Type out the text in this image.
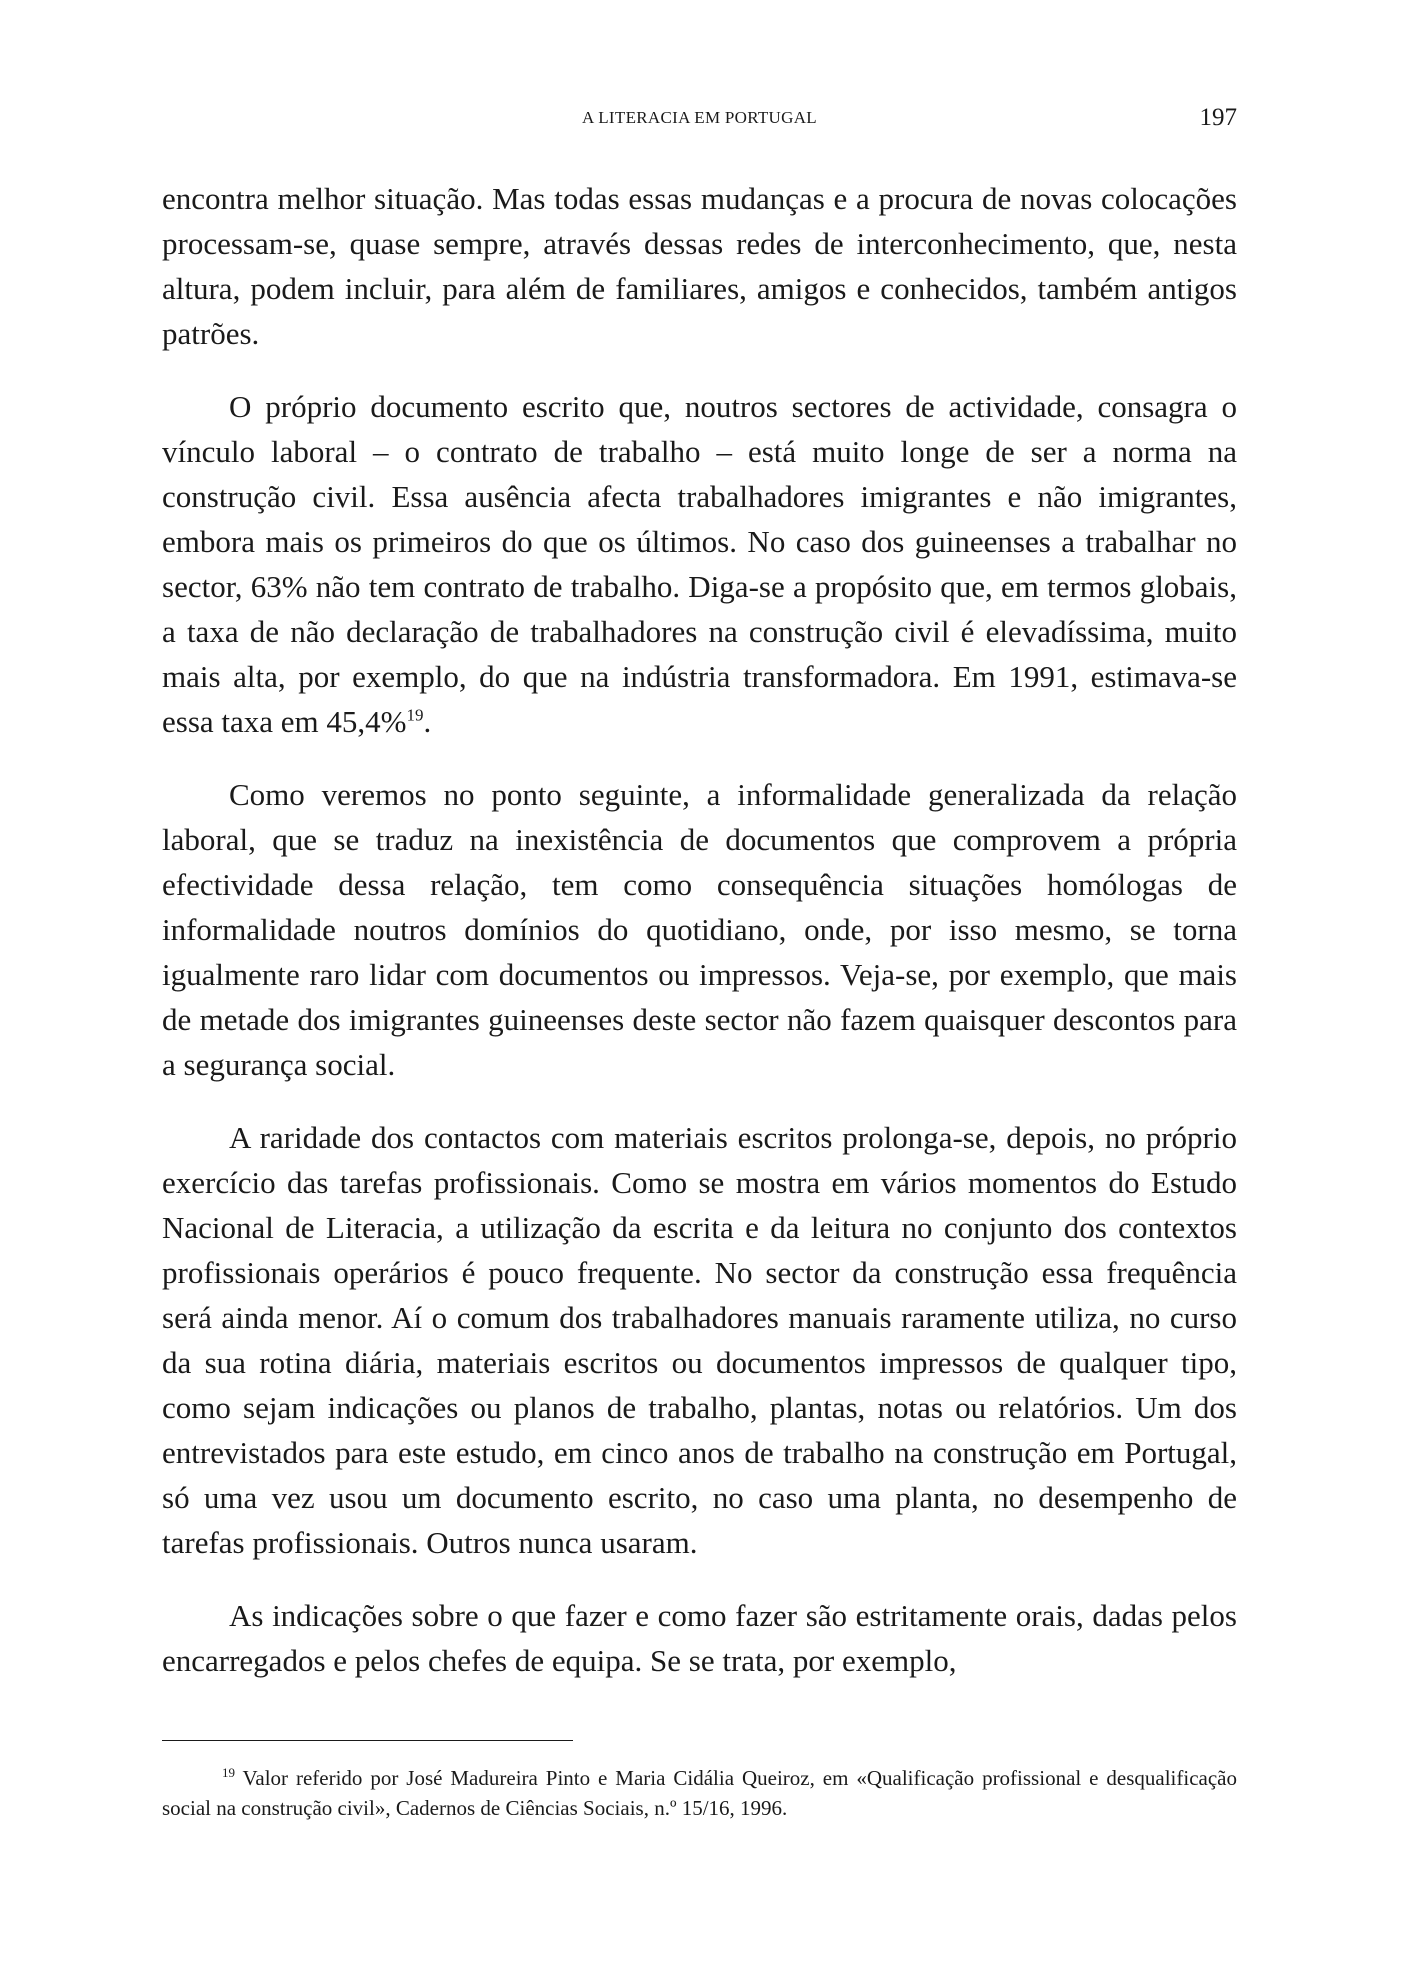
A LITERACIA EM PORTUGAL	197

encontra melhor situação. Mas todas essas mudanças e a procura de novas colocações processam-se, quase sempre, através dessas redes de interconhecimento, que, nesta altura, podem incluir, para além de familiares, amigos e conhecidos, também antigos patrões.

O próprio documento escrito que, noutros sectores de actividade, consagra o vínculo laboral – o contrato de trabalho – está muito longe de ser a norma na construção civil. Essa ausência afecta trabalhadores imigrantes e não imigrantes, embora mais os primeiros do que os últimos. No caso dos guineenses a trabalhar no sector, 63% não tem contrato de trabalho. Diga-se a propósito que, em termos globais, a taxa de não declaração de trabalhadores na construção civil é elevadíssima, muito mais alta, por exemplo, do que na indústria transformadora. Em 1991, estimava-se essa taxa em 45,4%$^{19}$.

Como veremos no ponto seguinte, a informalidade generalizada da relação laboral, que se traduz na inexistência de documentos que comprovem a própria efectividade dessa relação, tem como consequência situações homólogas de informalidade noutros domínios do quotidiano, onde, por isso mesmo, se torna igualmente raro lidar com documentos ou impressos. Veja-se, por exemplo, que mais de metade dos imigrantes guineenses deste sector não fazem quaisquer descontos para a segurança social.

A raridade dos contactos com materiais escritos prolonga-se, depois, no próprio exercício das tarefas profissionais. Como se mostra em vários momentos do Estudo Nacional de Literacia, a utilização da escrita e da leitura no conjunto dos contextos profissionais operários é pouco frequente. No sector da construção essa frequência será ainda menor. Aí o comum dos trabalhadores manuais raramente utiliza, no curso da sua rotina diária, materiais escritos ou documentos impressos de qualquer tipo, como sejam indicações ou planos de trabalho, plantas, notas ou relatórios. Um dos entrevistados para este estudo, em cinco anos de trabalho na construção em Portugal, só uma vez usou um documento escrito, no caso uma planta, no desempenho de tarefas profissionais. Outros nunca usaram.

As indicações sobre o que fazer e como fazer são estritamente orais, dadas pelos encarregados e pelos chefes de equipa. Se se trata, por exemplo,

$^{19}$ Valor referido por José Madureira Pinto e Maria Cidália Queiroz, em «Qualificação profissional e desqualificação social na construção civil», Cadernos de Ciências Sociais, n.º 15/16, 1996.
